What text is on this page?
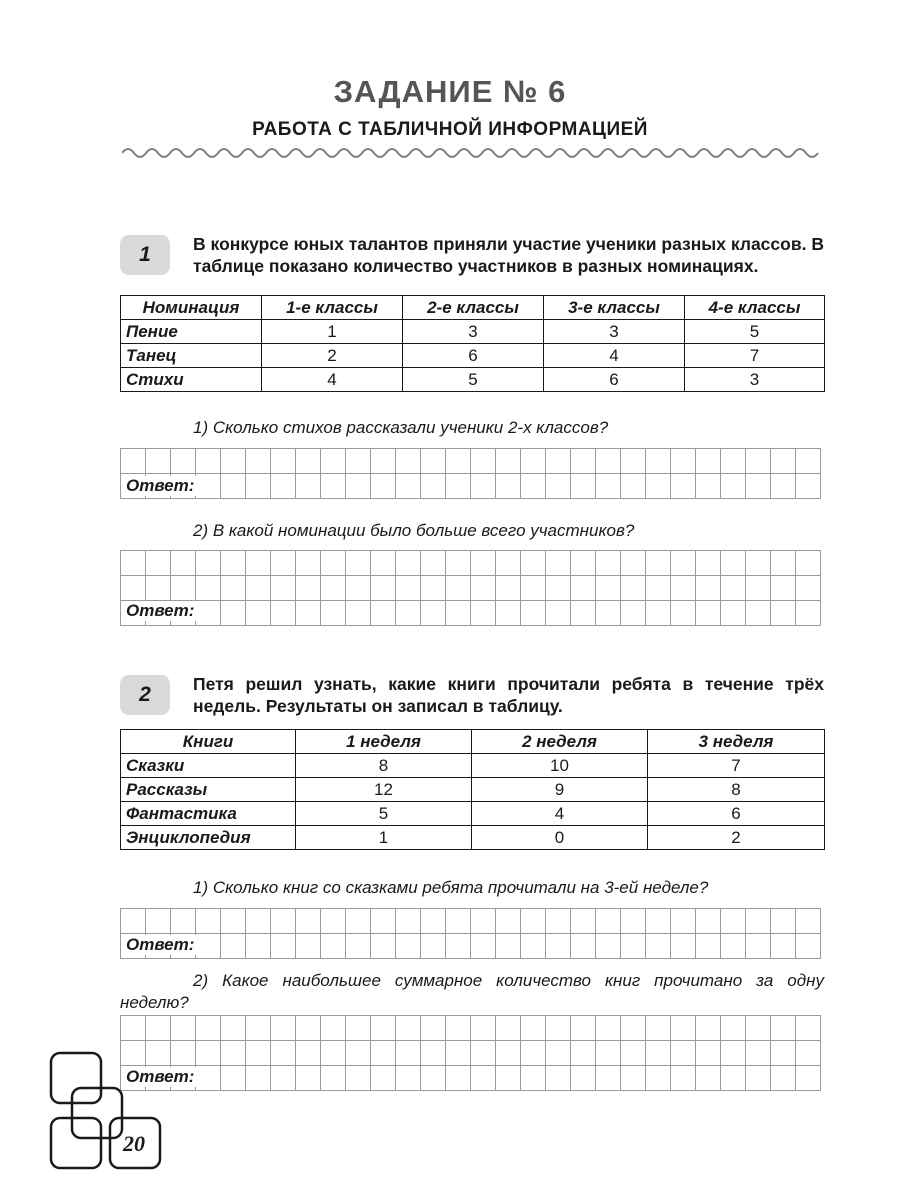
ЗАДАНИЕ № 6
РАБОТА С ТАБЛИЧНОЙ ИНФОРМАЦИЕЙ
1 В конкурсе юных талантов приняли участие ученики разных классов. В таблице показано количество участников в разных номинациях.
Номинация	1-е классы	2-е классы	3-е классы	4-е классы
Пение	1	3	3	5
Танец	2	6	4	7
Стихи	4	5	6	3
1) Сколько стихов рассказали ученики 2-х классов?
Ответ:
2) В какой номинации было больше всего участников?
Ответ:
2 Петя решил узнать, какие книги прочитали ребята в течение трёх недель. Результаты он записал в таблицу.
Книги	1 неделя	2 неделя	3 неделя
Сказки	8	10	7
Рассказы	12	9	8
Фантастика	5	4	6
Энциклопедия	1	0	2
1) Сколько книг со сказками ребята прочитали на 3-ей неделе?
Ответ:
2) Какое наибольшее суммарное количество книг прочитано за одну
неделю?
Ответ:
20
